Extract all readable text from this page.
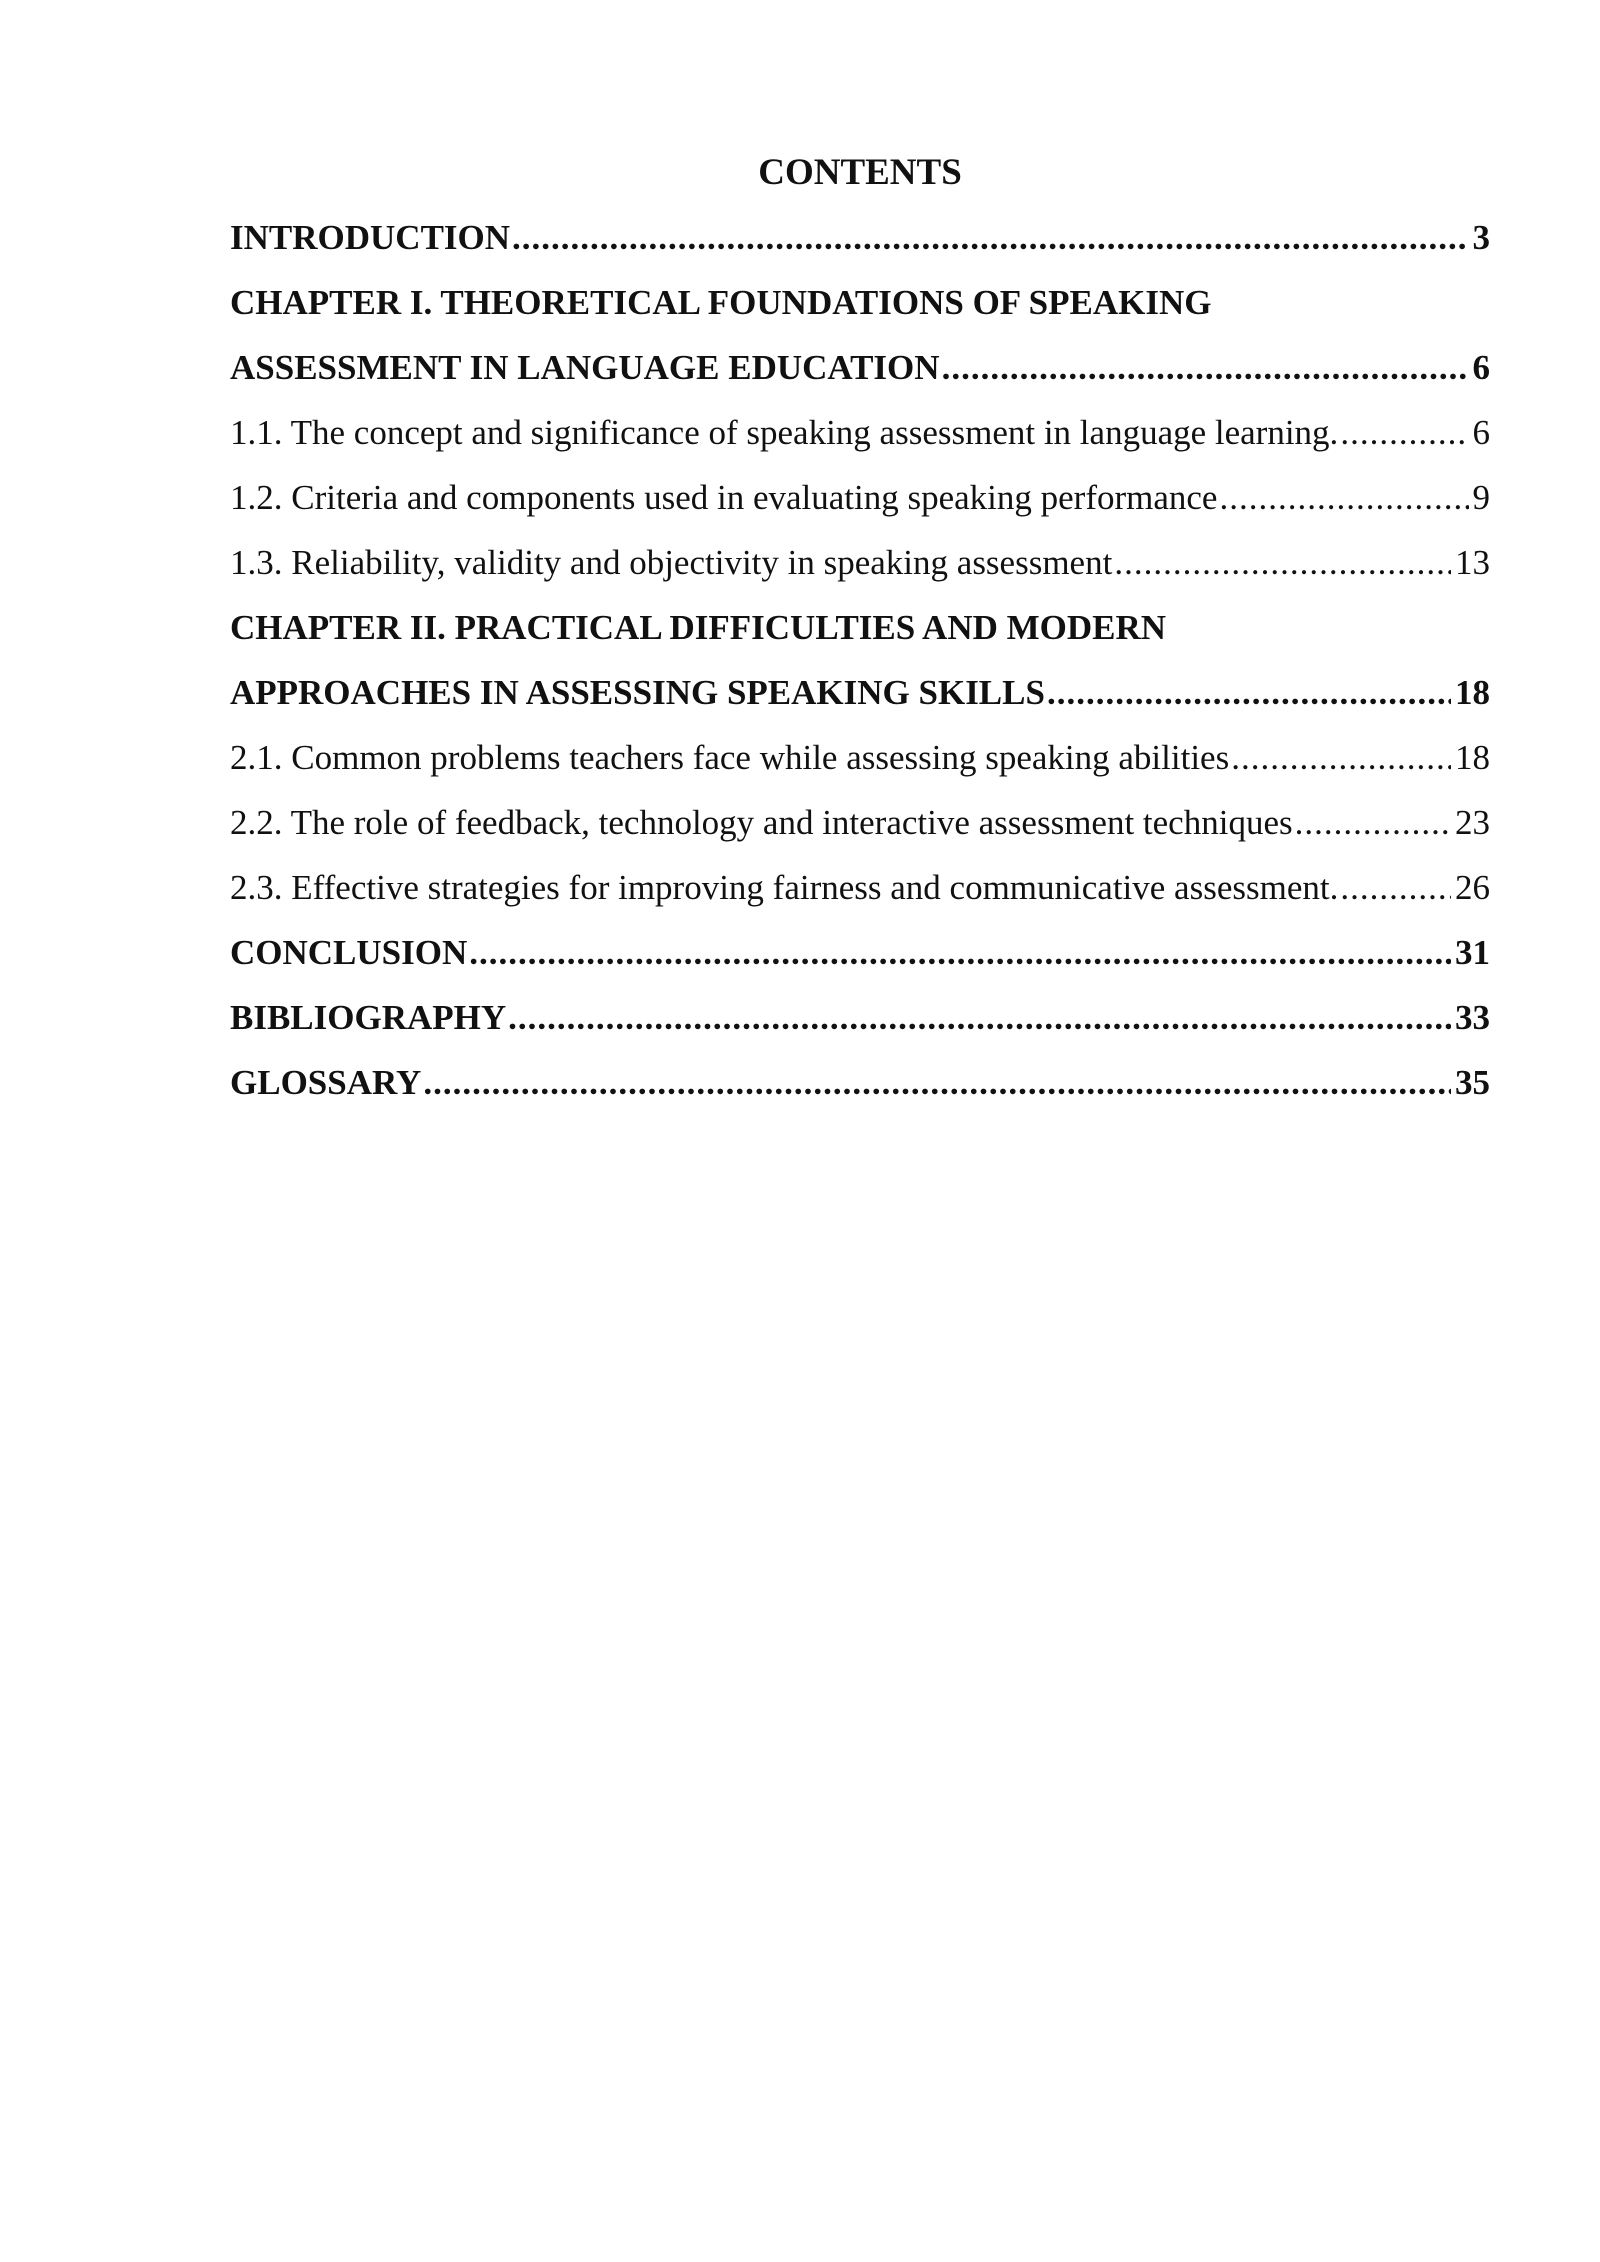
CONTENTS
INTRODUCTION .....	3
CHAPTER I. THEORETICAL FOUNDATIONS OF SPEAKING
ASSESSMENT IN LANGUAGE EDUCATION .....	6
1.1. The concept and significance of speaking assessment in language learning. .....	6
1.2. Criteria and components used in evaluating speaking performance .....	9
1.3. Reliability, validity and objectivity in speaking assessment .....	13
CHAPTER II. PRACTICAL DIFFICULTIES AND MODERN
APPROACHES IN ASSESSING SPEAKING SKILLS .....	18
2.1. Common problems teachers face while assessing speaking abilities .....	18
2.2. The role of feedback, technology and interactive assessment techniques .....	23
2.3. Effective strategies for improving fairness and communicative assessment. .....	26
CONCLUSION .....	31
BIBLIOGRAPHY .....	33
GLOSSARY .....	35
